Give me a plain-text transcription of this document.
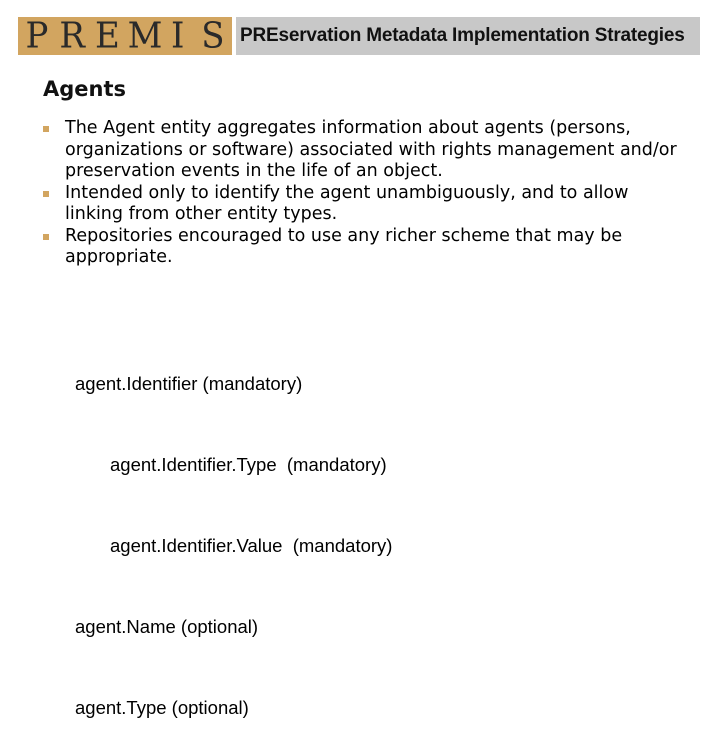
P R E M I S PREservation Metadata Implementation Strategies
Agents
The Agent entity aggregates information about agents (persons, organizations or software) associated with rights management and/or preservation events in the life of an object.
Intended only to identify the agent unambiguously, and to allow linking from other entity types.
Repositories encouraged to use any richer scheme that may be appropriate.

agent.Identifier (mandatory)

agent.Identifier.Type  (mandatory)

agent.Identifier.Value  (mandatory)

agent.Name (optional)

agent.Type (optional)
